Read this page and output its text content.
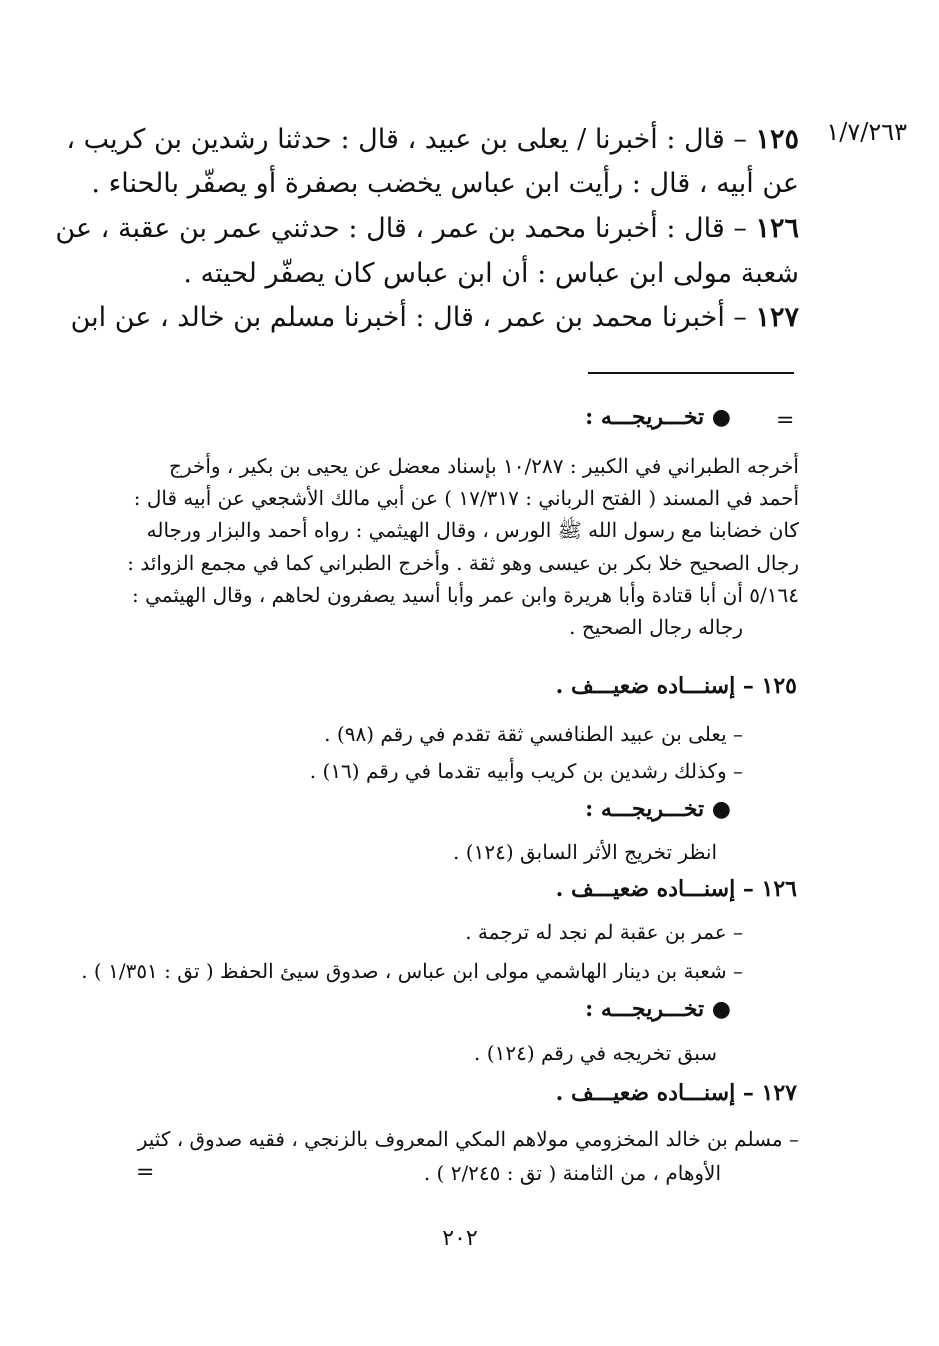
١/٧/٢٦٣
١٢٥ – قال : أخبرنا / يعلى بن عبيد ، قال : حدثنا رشدين بن كريب ،
عن أبيه ، قال : رأيت ابن عباس يخضب بصفرة أو يصفّر بالحناء .
١٢٦ – قال : أخبرنا محمد بن عمر ، قال : حدثني عمر بن عقبة ، عن
شعبة مولى ابن عباس : أن ابن عباس كان يصفّر لحيته .
١٢٧ – أخبرنا محمد بن عمر ، قال : أخبرنا مسلم بن خالد ، عن ابن
=
● تخـــريجـــه :
أخرجه الطبراني في الكبير : ١٠/٢٨٧ بإسناد معضل عن يحيى بن بكير ، وأخرج
أحمد في المسند ( الفتح الرباني : ١٧/٣١٧ ) عن أبي مالك الأشجعي عن أبيه قال :
كان خضابنا مع رسول الله ﷺ الورس ، وقال الهيثمي : رواه أحمد والبزار ورجاله
رجال الصحيح خلا بكر بن عيسى وهو ثقة . وأخرج الطبراني كما في مجمع الزوائد :
٥/١٦٤ أن أبا قتادة وأبا هريرة وابن عمر وأبا أسيد يصفرون لحاهم ، وقال الهيثمي :
رجاله رجال الصحيح .
١٢٥ – إسنـــاده ضعيـــف .
– يعلى بن عبيد الطنافسي ثقة تقدم في رقم (٩٨) .
– وكذلك رشدين بن كريب وأبيه تقدما في رقم (١٦) .
● تخـــريجـــه :
انظر تخريج الأثر السابق (١٢٤) .
١٢٦ – إسنـــاده ضعيـــف .
– عمر بن عقبة لم نجد له ترجمة .
– شعبة بن دينار الهاشمي مولى ابن عباس ، صدوق سيئ الحفظ ( تق : ١/٣٥١ ) .
● تخـــريجـــه :
سبق تخريجه في رقم (١٢٤) .
١٢٧ – إسنـــاده ضعيـــف .
– مسلم بن خالد المخزومي مولاهم المكي المعروف بالزنجي ، فقيه صدوق ، كثير
الأوهام ، من الثامنة ( تق : ٢/٢٤٥ ) .
=
٢٠٢
